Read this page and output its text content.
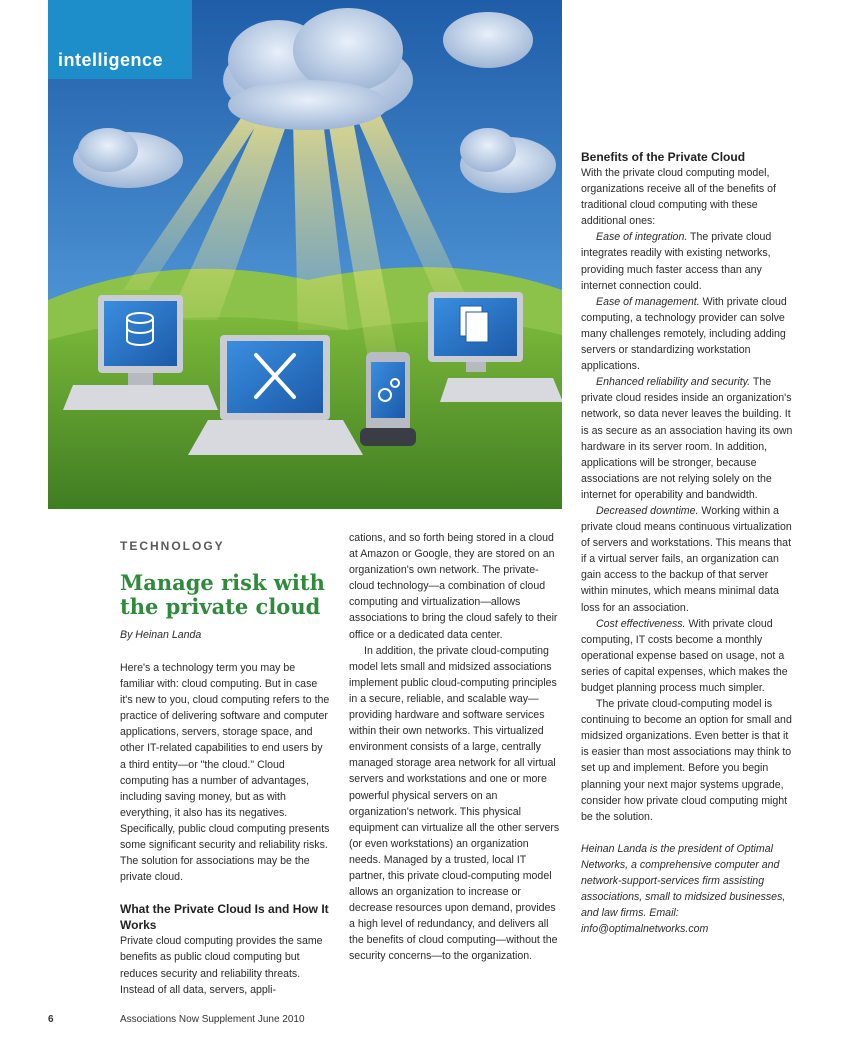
intelligence
TECHNOLOGY
Manage risk with the private cloud
By Heinan Landa

Here's a technology term you may be familiar with: cloud computing. But in case it's new to you, cloud computing refers to the practice of delivering software and computer applications, servers, storage space, and other IT-related capabilities to end users by a third entity—or "the cloud." Cloud computing has a number of advantages, including saving money, but as with everything, it also has its negatives. Specifically, public cloud computing presents some significant security and reliability risks. The solution for associations may be the private cloud.

What the Private Cloud Is and How It Works

Private cloud computing provides the same benefits as public cloud computing but reduces security and reliability threats. Instead of all data, servers, appli-

cations, and so forth being stored in a cloud at Amazon or Google, they are stored on an organization's own network. The private-cloud technology—a combination of cloud computing and virtualization—allows associations to bring the cloud safely to their office or a dedicated data center.

In addition, the private cloud-computing model lets small and midsized associations implement public cloud-computing principles in a secure, reliable, and scalable way—providing hardware and software services within their own networks. This virtualized environment consists of a large, centrally managed storage area network for all virtual servers and workstations and one or more powerful physical servers on an organization's network. This physical equipment can virtualize all the other servers (or even workstations) an organization needs. Managed by a trusted, local IT partner, this private cloud-computing model allows an organization to increase or decrease resources upon demand, provides a high level of redundancy, and delivers all the benefits of cloud computing—without the security concerns—to the organization.

Benefits of the Private Cloud

With the private cloud computing model, organizations receive all of the benefits of traditional cloud computing with these additional ones:

Ease of integration. The private cloud integrates readily with existing networks, providing much faster access than any internet connection could.

Ease of management. With private cloud computing, a technology provider can solve many challenges remotely, including adding servers or standardizing workstation applications.

Enhanced reliability and security. The private cloud resides inside an organization's network, so data never leaves the building. It is as secure as an association having its own hardware in its server room. In addition, applications will be stronger, because associations are not relying solely on the internet for operability and bandwidth.

Decreased downtime. Working within a private cloud means continuous virtualization of servers and workstations. This means that if a virtual server fails, an organization can gain access to the backup of that server within minutes, which means minimal data loss for an association.

Cost effectiveness. With private cloud computing, IT costs become a monthly operational expense based on usage, not a series of capital expenses, which makes the budget planning process much simpler.

The private cloud-computing model is continuing to become an option for small and midsized organizations. Even better is that it is easier than most associations may think to set up and implement. Before you begin planning your next major systems upgrade, consider how private cloud computing might be the solution.

Heinan Landa is the president of Optimal Networks, a comprehensive computer and network-support-services firm assisting associations, small to midsized businesses, and law firms. Email: info@optimalnetworks.com

6	Associations Now Supplement June 2010
